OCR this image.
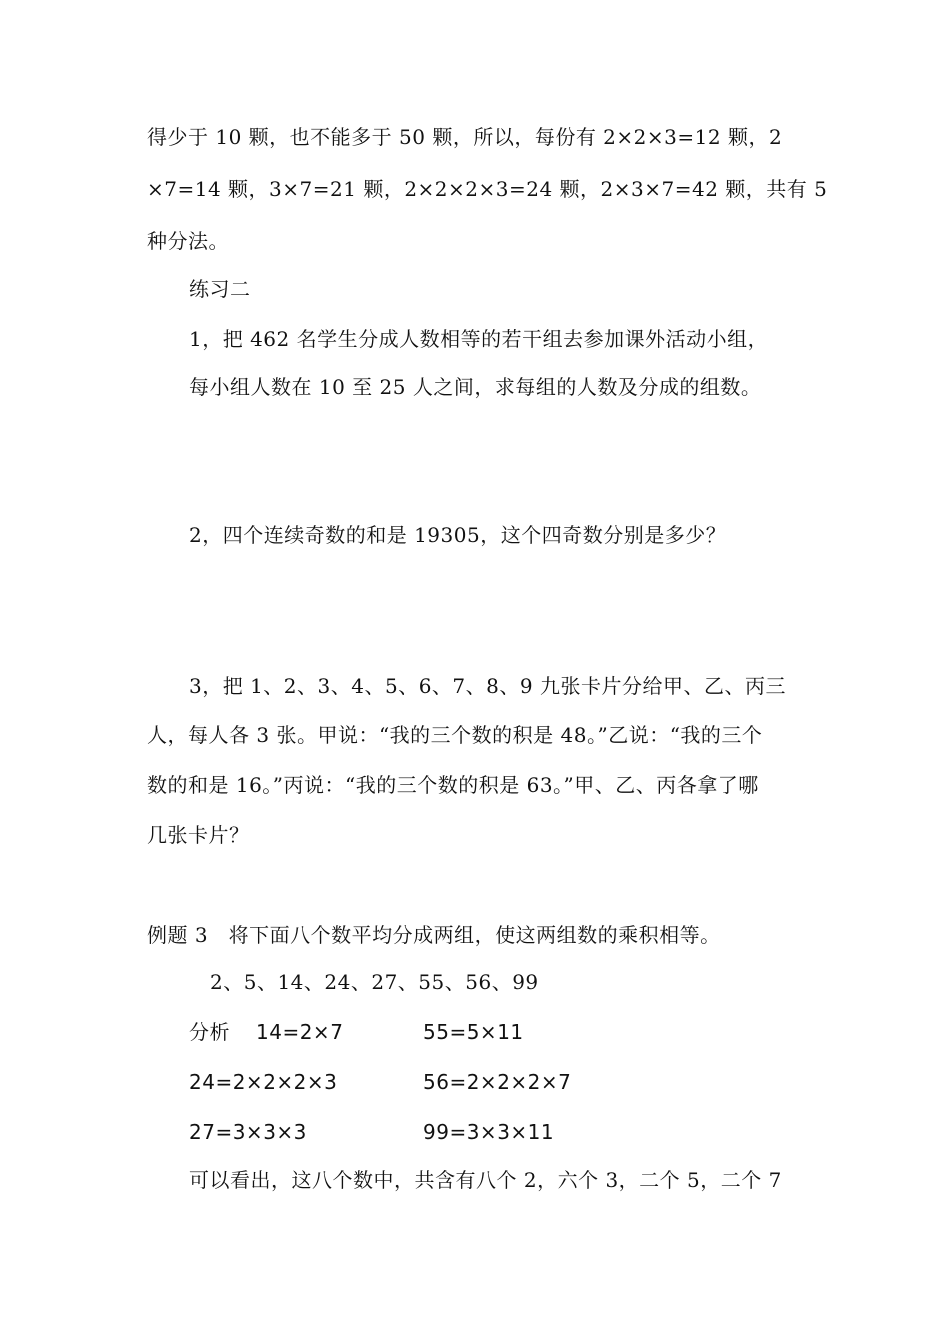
得少于 10 颗，也不能多于 50 颗，所以，每份有 2×2×3=12 颗，2
×7=14 颗，3×7=21 颗，2×2×2×3=24 颗，2×3×7=42 颗，共有 5
种分法。
练习二
1，把 462 名学生分成人数相等的若干组去参加课外活动小组，
每小组人数在 10 至 25 人之间，求每组的人数及分成的组数。
2，四个连续奇数的和是 19305，这个四奇数分别是多少？
3，把 1、2、3、4、5、6、7、8、9 九张卡片分给甲、乙、丙三
人，每人各 3 张。甲说：“我的三个数的积是 48。”乙说：“我的三个
数的和是 16。”丙说：“我的三个数的积是 63。”甲、乙、丙各拿了哪
几张卡片？
例题 3　将下面八个数平均分成两组，使这两组数的乘积相等。
2、5、14、24、27、55、56、99
分析 14=2×7	55=5×11
24=2×2×2×3	56=2×2×2×7
27=3×3×3	99=3×3×11
可以看出，这八个数中，共含有八个 2，六个 3，二个 5，二个 7
